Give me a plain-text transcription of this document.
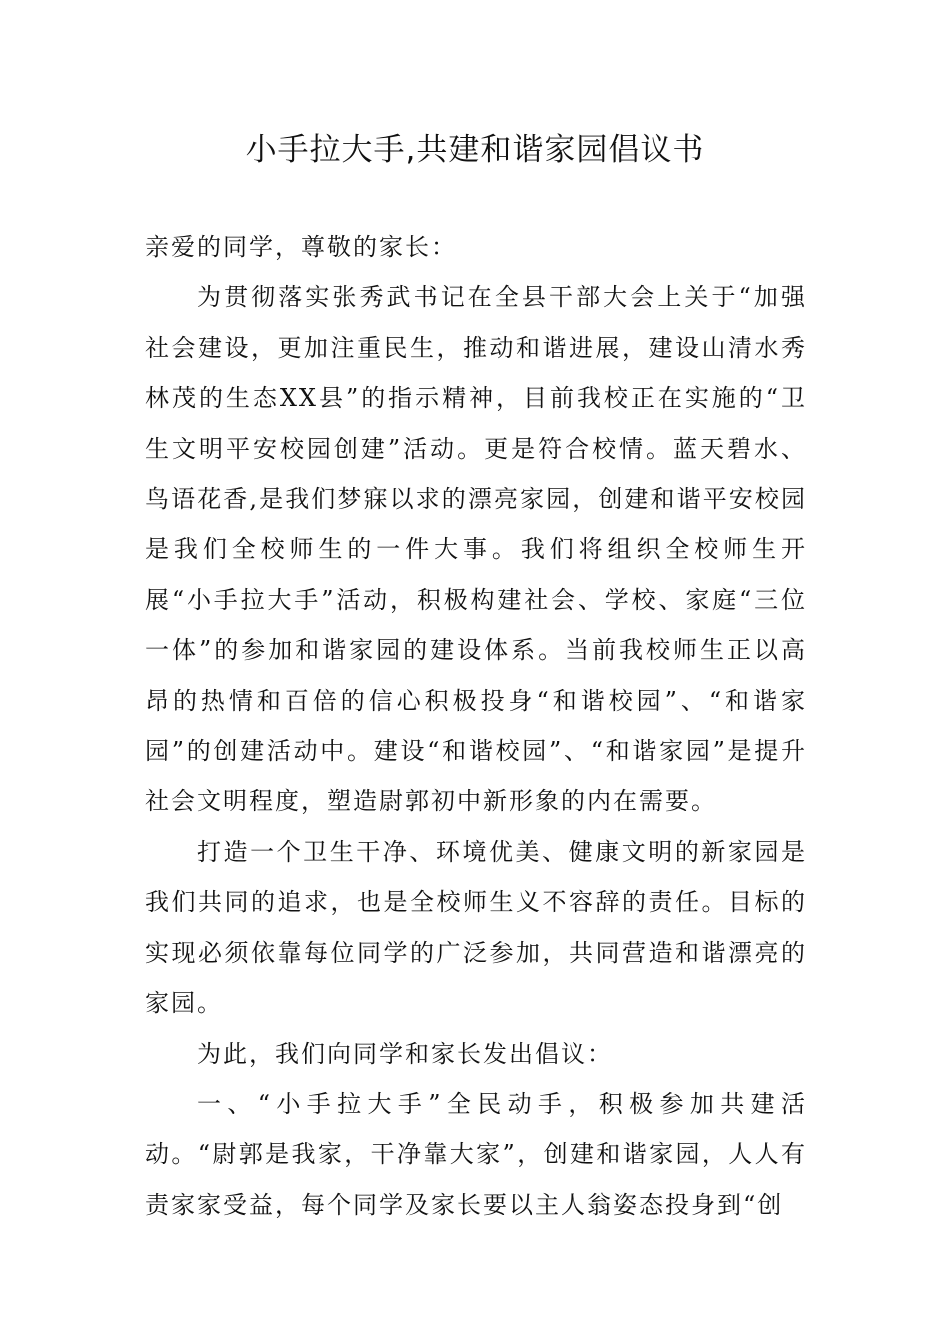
小手拉大手,共建和谐家园倡议书

亲爱的同学，尊敬的家长：

为贯彻落实张秀武书记在全县干部大会上关于“加强社会建设，更加注重民生，推动和谐进展，建设山清水秀林茂的生态XX县”的指示精神，目前我校正在实施的“卫生文明平安校园创建”活动。更是符合校情。蓝天碧水、鸟语花香,是我们梦寐以求的漂亮家园，创建和谐平安校园是我们全校师生的一件大事。我们将组织全校师生开展“小手拉大手”活动，积极构建社会、学校、家庭“三位一体”的参加和谐家园的建设体系。当前我校师生正以高昂的热情和百倍的信心积极投身“和谐校园”、“和谐家园”的创建活动中。建设“和谐校园”、“和谐家园”是提升社会文明程度，塑造尉郭初中新形象的内在需要。

打造一个卫生干净、环境优美、健康文明的新家园是我们共同的追求，也是全校师生义不容辞的责任。目标的实现必须依靠每位同学的广泛参加，共同营造和谐漂亮的家园。

为此，我们向同学和家长发出倡议：

一、“小手拉大手”全民动手，积极参加共建活动。“尉郭是我家，干净靠大家”，创建和谐家园，人人有责家家受益，每个同学及家长要以主人翁姿态投身到“创
